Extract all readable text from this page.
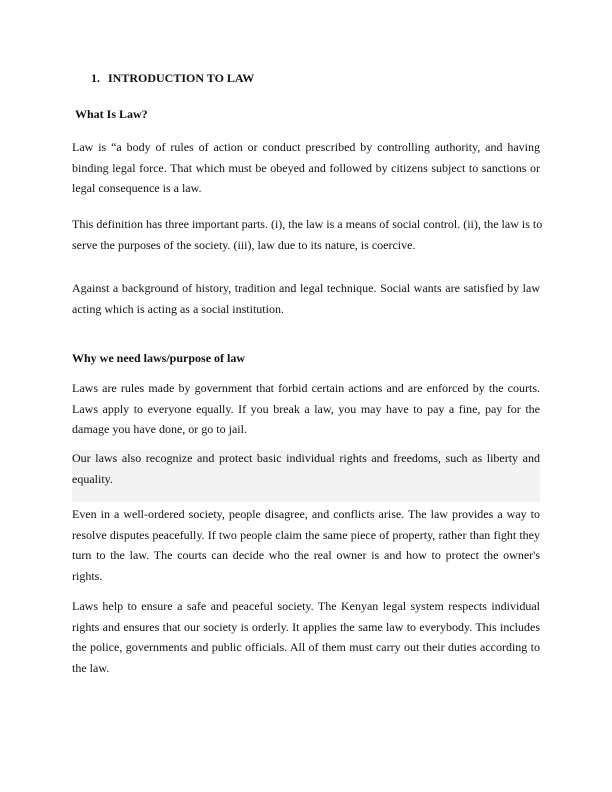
1. INTRODUCTION TO LAW
What Is Law?
Law is “a body of rules of action or conduct prescribed by controlling authority, and having
binding legal force. That which must be obeyed and followed by citizens subject to sanctions or
legal consequence is a law.
This definition has three important parts. (i), the law is a means of social control. (ii), the law is to
serve the purposes of the society. (iii), law due to its nature, is coercive.
Against a background of history, tradition and legal technique. Social wants are satisfied by law
acting which is acting as a social institution.
Why we need laws/purpose of law
Laws are rules made by government that forbid certain actions and are enforced by the courts.
Laws apply to everyone equally. If you break a law, you may have to pay a fine, pay for the
damage you have done, or go to jail.
Our laws also recognize and protect basic individual rights and freedoms, such as liberty and
equality.
Even in a well-ordered society, people disagree, and conflicts arise. The law provides a way to
resolve disputes peacefully. If two people claim the same piece of property, rather than fight they
turn to the law. The courts can decide who the real owner is and how to protect the owner's
rights.
Laws help to ensure a safe and peaceful society. The Kenyan legal system respects individual
rights and ensures that our society is orderly. It applies the same law to everybody. This includes
the police, governments and public officials. All of them must carry out their duties according to
the law.
